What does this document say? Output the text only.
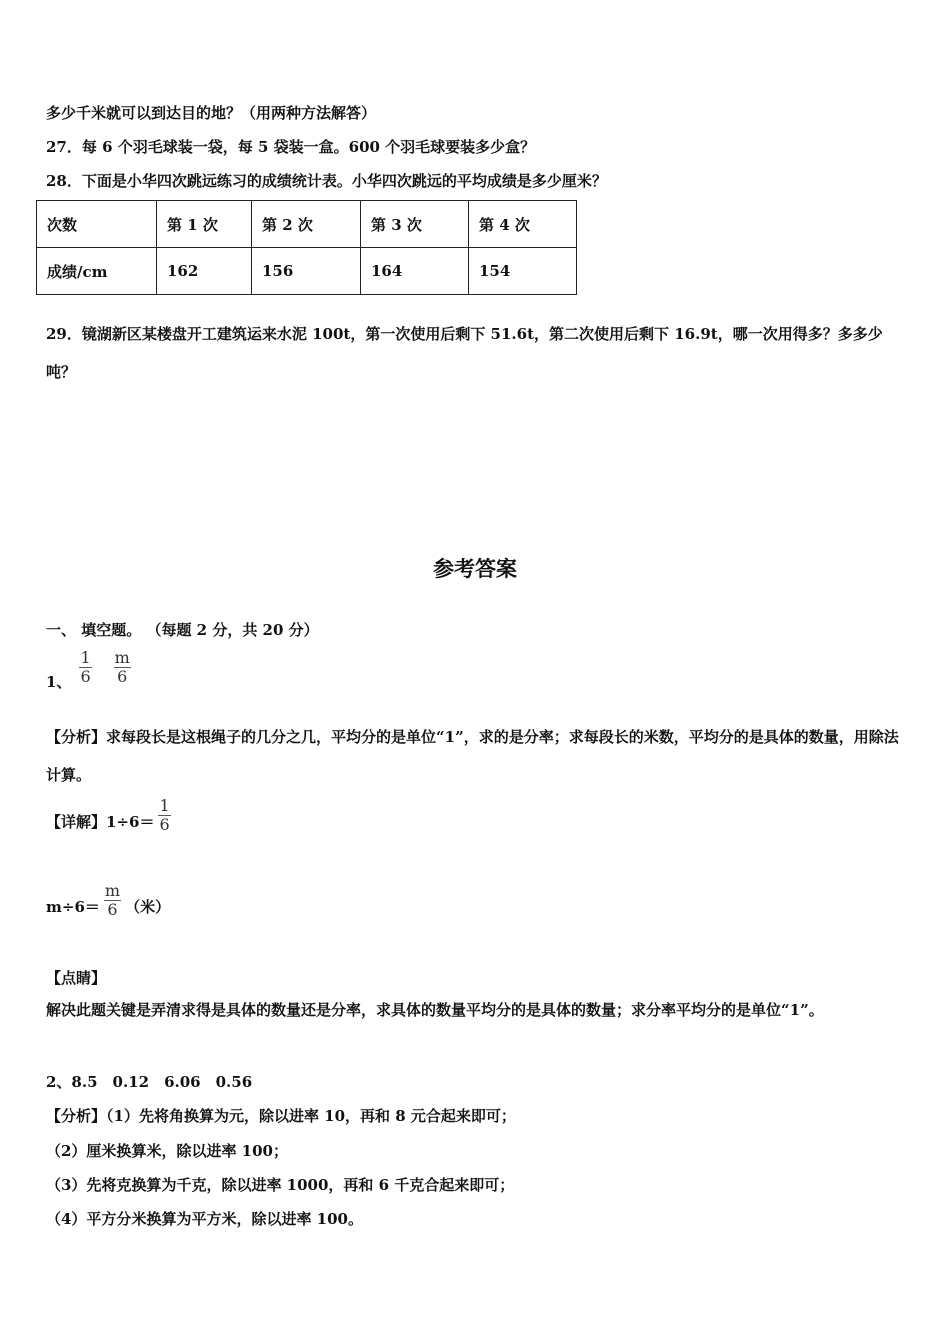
多少千米就可以到达目的地？（用两种方法解答）
27．每 6 个羽毛球装一袋，每 5 袋装一盒。600 个羽毛球要装多少盒？
28．下面是小华四次跳远练习的成绩统计表。小华四次跳远的平均成绩是多少厘米？
次数	第 1 次	第 2 次	第 3 次	第 4 次
成绩/cm	162	156	164	154
29．镜湖新区某楼盘开工建筑运来水泥 100t，第一次使用后剩下 51.6t，第二次使用后剩下 16.9t，哪一次用得多？多多少吨？
参考答案
一、 填空题。 （每题 2 分，共 20 分）
1、 $\frac{1}{6} \frac{m}{6}$
【分析】求每段长是这根绳子的几分之几，平均分的是单位“1”，求的是分率；求每段长的米数，平均分的是具体的数量，用除法计算。
【详解】$1\div 6= \frac{1}{6}$
$m\div 6= \frac{m}{6}$ （米）
【点睛】
解决此题关键是弄清求得是具体的数量还是分率，求具体的数量平均分的是具体的数量；求分率平均分的是单位“1”。
2、8.5　0.12　6.06　0.56
【分析】（1）先将角换算为元，除以进率 10，再和 8 元合起来即可；
（2）厘米换算米，除以进率 100；
（3）先将克换算为千克，除以进率 1000，再和 6 千克合起来即可；
（4）平方分米换算为平方米，除以进率 100。
